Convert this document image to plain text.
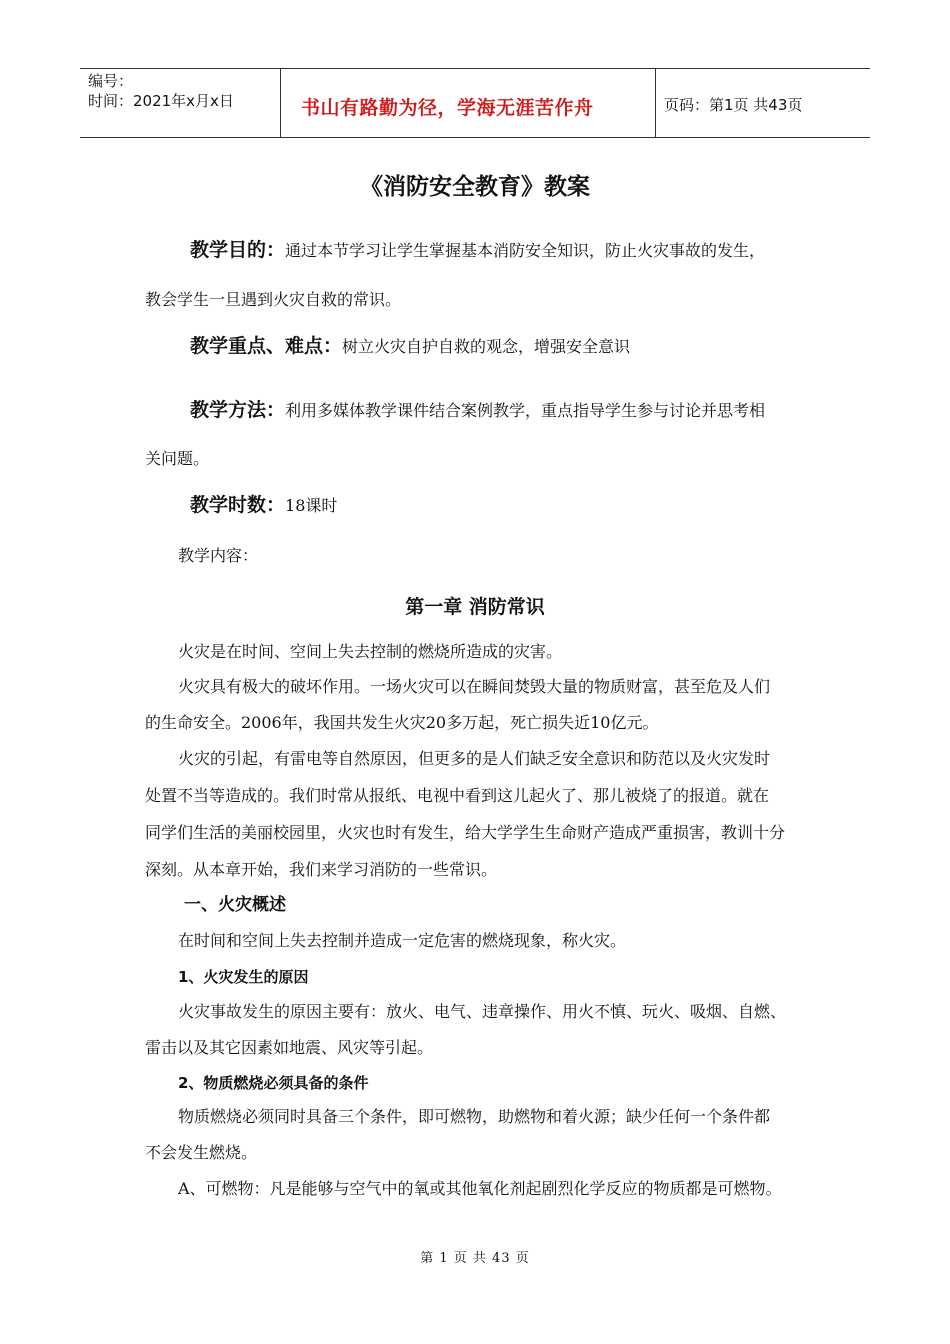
编号：
时间：2021年x月x日	书山有路勤为径，学海无涯苦作舟	页码：第1页 共43页
《消防安全教育》教案
教学目的：通过本节学习让学生掌握基本消防安全知识，防止火灾事故的发生，
教会学生一旦遇到火灾自救的常识。
教学重点、难点：树立火灾自护自救的观念，增强安全意识
教学方法：利用多媒体教学课件结合案例教学，重点指导学生参与讨论并思考相
关问题。
教学时数：18课时
教学内容：
第一章 消防常识
火灾是在时间、空间上失去控制的燃烧所造成的灾害。
火灾具有极大的破坏作用。一场火灾可以在瞬间焚毁大量的物质财富，甚至危及人们
的生命安全。2006年，我国共发生火灾20多万起，死亡损失近10亿元。
火灾的引起，有雷电等自然原因，但更多的是人们缺乏安全意识和防范以及火灾发时
处置不当等造成的。我们时常从报纸、电视中看到这儿起火了、那儿被烧了的报道。就在
同学们生活的美丽校园里，火灾也时有发生，给大学学生生命财产造成严重损害，教训十分
深刻。从本章开始，我们来学习消防的一些常识。
一、火灾概述
在时间和空间上失去控制并造成一定危害的燃烧现象，称火灾。
1、火灾发生的原因
火灾事故发生的原因主要有：放火、电气、违章操作、用火不慎、玩火、吸烟、自燃、
雷击以及其它因素如地震、风灾等引起。
2、物质燃烧必须具备的条件
物质燃烧必须同时具备三个条件，即可燃物，助燃物和着火源；缺少任何一个条件都
不会发生燃烧。
A、可燃物：凡是能够与空气中的氧或其他氧化剂起剧烈化学反应的物质都是可燃物。
第 1 页 共 43 页
